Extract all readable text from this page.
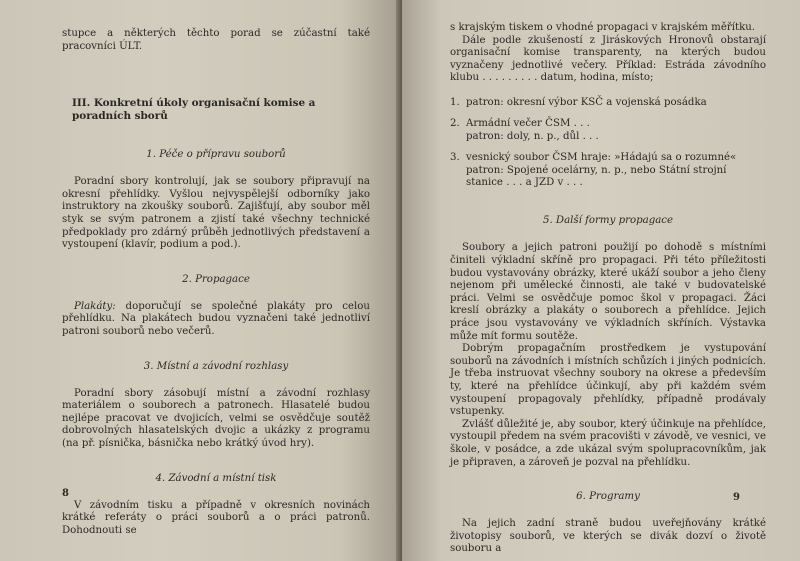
stupce a některých těchto porad se zúčastní také pracovníci ÚLT.

III. Konkretní úkoly organisační komise a poradních sborů
1. Péče o přípravu souborů

Poradní sbory kontrolují, jak se soubory připravují na okresní přehlídky. Vyšlou nejvyspělejší odborníky jako instruktory na zkoušky souborů. Zajišťují, aby soubor měl styk se svým patronem a zjistí také všechny technické předpoklady pro zdárný průběh jednotlivých představení a vystoupení (klavír, podium a pod.).

2. Propagace

Plakáty: doporučují se společné plakáty pro celou přehlídku. Na plakátech budou vyznačeni také jednotliví patroni souborů nebo večerů.

3. Místní a závodní rozhlasy

Poradní sbory zásobují místní a závodní rozhlasy materiálem o souborech a patronech. Hlasatelé budou nejlépe pracovat ve dvojicích, velmi se osvědčuje soutěž dobrovolných hlasatelských dvojic a ukázky z programu (na př. písnička, básnička nebo krátký úvod hry).

4. Závodní a místní tisk

V závodním tisku a případně v okresních novinách krátké referáty o práci souborů a o práci patronů. Dohodnouti se

8

s krajským tiskem o vhodné propagaci v krajském měřítku.

Dále podle zkušeností z Jiráskových Hronovů obstarají organisační komise transparenty, na kterých budou vyznačeny jednotlivé večery. Příklad: Estráda závodního klubu . . . . . . . . . datum, hodina, místo;

1. patron: okresní výbor KSČ a vojenská posádka
2. Armádní večer ČSM . . .
patron: doly, n. p., důl . . .
3. vesnický soubor ČSM hraje: »Hádajú sa o rozumné« patron: Spojené ocelárny, n. p., nebo Státní strojní stanice . . . a JZD v . . .
5. Další formy propagace

Soubory a jejich patroni použijí po dohodě s místními činiteli výkladní skříně pro propagaci. Při této příležitosti budou vystavovány obrázky, které ukáží soubor a jeho členy nejenom při umělecké činnosti, ale také v budovatelské práci. Velmi se osvědčuje pomoc škol v propagaci. Žáci kreslí obrázky a plakáty o souborech a přehlídce. Jejich práce jsou vystavovány ve výkladních skříních. Výstavka může mít formu soutěže.

Dobrým propagačním prostředkem je vystupování souborů na závodních i místních schůzích i jiných podnicích. Je třeba instruovat všechny soubory na okrese a především ty, které na přehlídce účinkují, aby při každém svém vystoupení propagovaly přehlídky, případně prodávaly vstupenky.

Zvlášť důležité je, aby soubor, který účinkuje na přehlídce, vystoupil předem na svém pracovišti v závodě, ve vesnici, ve škole, v posádce, a zde ukázal svým spolupracovníkům, jak je připraven, a zároveň je pozval na přehlídku.

6. Programy

Na jejich zadní straně budou uveřejňovány krátké životopisy souborů, ve kterých se divák dozví o životě souboru a

9
